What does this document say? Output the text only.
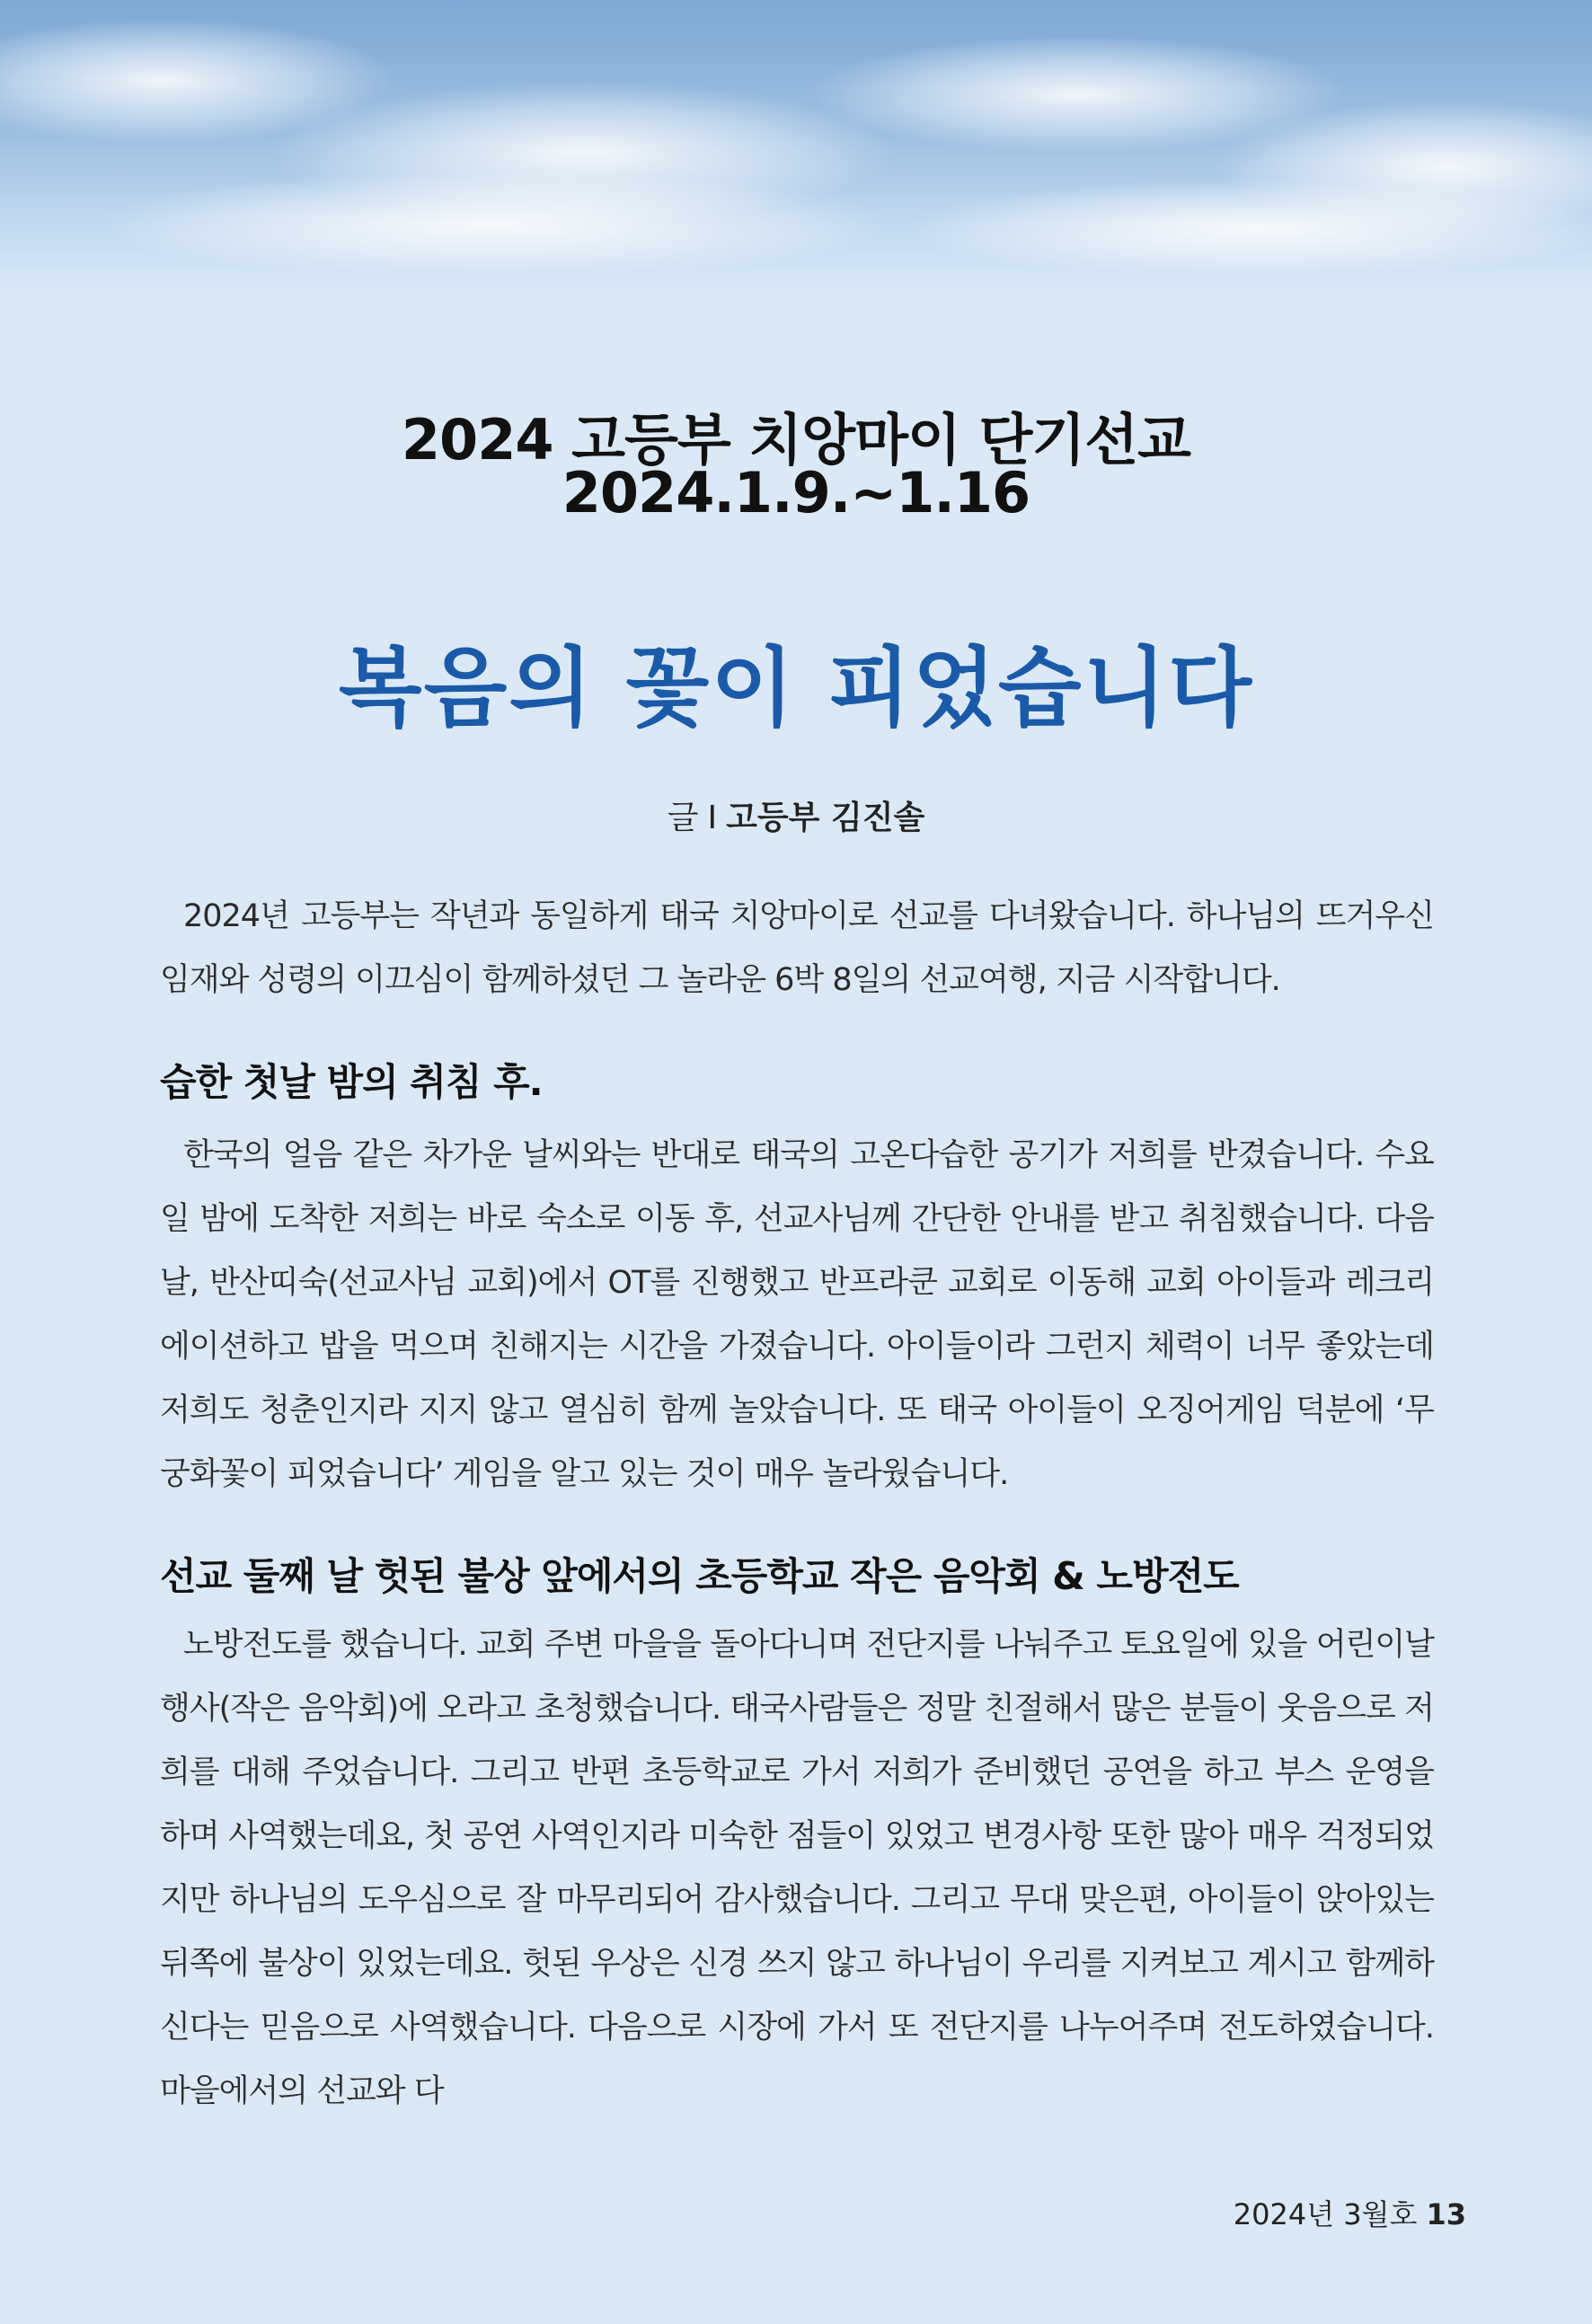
2024 고등부 치앙마이 단기선교
2024.1.9.~1.16
복음의 꽃이 피었습니다
글 I 고등부 김진솔

2024년 고등부는 작년과 동일하게 태국 치앙마이로 선교를 다녀왔습니다. 하나님의 뜨거우신 임재와 성령의 이끄심이 함께하셨던 그 놀라운 6박 8일의 선교여행, 지금 시작합니다.

습한 첫날 밤의 취침 후.

한국의 얼음 같은 차가운 날씨와는 반대로 태국의 고온다습한 공기가 저희를 반겼습니다. 수요일 밤에 도착한 저희는 바로 숙소로 이동 후, 선교사님께 간단한 안내를 받고 취침했습니다. 다음날, 반산띠숙(선교사님 교회)에서 OT를 진행했고 반프라쿤 교회로 이동해 교회 아이들과 레크리에이션하고 밥을 먹으며 친해지는 시간을 가졌습니다. 아이들이라 그런지 체력이 너무 좋았는데 저희도 청춘인지라 지지 않고 열심히 함께 놀았습니다. 또 태국 아이들이 오징어게임 덕분에 ‘무궁화꽃이 피었습니다’ 게임을 알고 있는 것이 매우 놀라웠습니다.

선교 둘째 날 헛된 불상 앞에서의 초등학교 작은 음악회 & 노방전도

노방전도를 했습니다. 교회 주변 마을을 돌아다니며 전단지를 나눠주고 토요일에 있을 어린이날 행사(작은 음악회)에 오라고 초청했습니다. 태국사람들은 정말 친절해서 많은 분들이 웃음으로 저희를 대해 주었습니다. 그리고 반편 초등학교로 가서 저희가 준비했던 공연을 하고 부스 운영을 하며 사역했는데요, 첫 공연 사역인지라 미숙한 점들이 있었고 변경사항 또한 많아 매우 걱정되었지만 하나님의 도우심으로 잘 마무리되어 감사했습니다. 그리고 무대 맞은편, 아이들이 앉아있는 뒤쪽에 불상이 있었는데요. 헛된 우상은 신경 쓰지 않고 하나님이 우리를 지켜보고 계시고 함께하신다는 믿음으로 사역했습니다. 다음으로 시장에 가서 또 전단지를 나누어주며 전도하였습니다. 마을에서의 선교와 다

2024년 3월호 13
